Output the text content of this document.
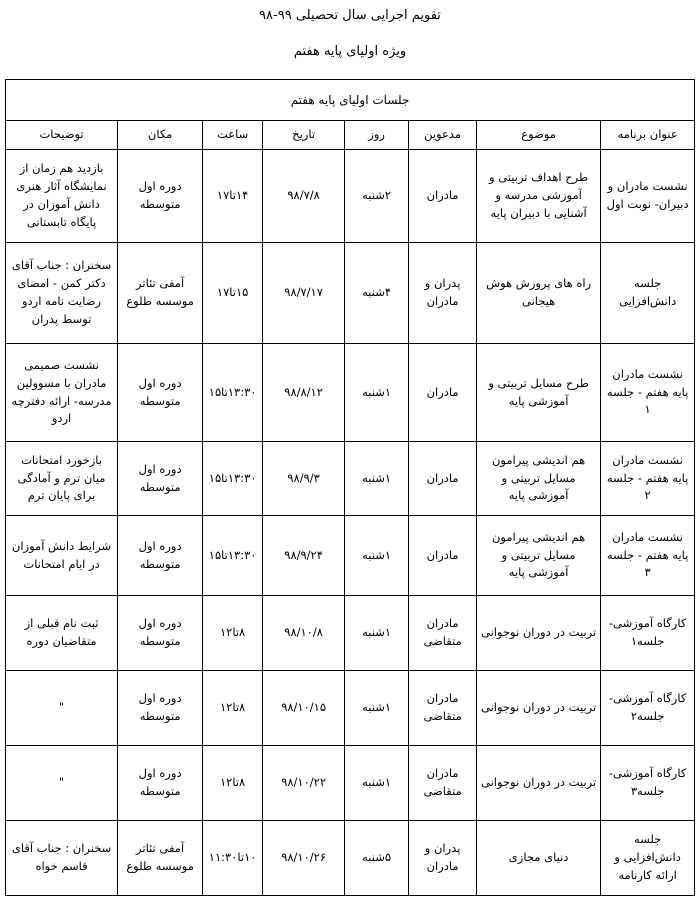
تقویم اجرایی سال تحصیلی ۹۹-۹۸
ویژه اولیای پایه هفتم
جلسات اولیای پایه هفتم							
عنوان برنامه	موضوع	مدعوین	روز	تاریخ	ساعت	مکان	توضیحات
نشست مادران و دبیران- نوبت اول	طرح اهداف تربیتی و آموزشی مدرسه و آشنایی با دبیران پایه	مادران	۲شنبه	۹۸/۷/۸	۱۴تا۱۷	دوره اول متوسطه	بازدید هم زمان از نمایشگاه آثار هنری دانش آموزان در پایگاه تابستانی
جلسه دانش‌افزایی	راه های پرورش هوش هیجانی	پدران و مادران	۴شنبه	۹۸/۷/۱۷	۱۵تا۱۷	آمفی تئاتر موسسه طلوع	سخنران : جناب آقای دکتر کمن - امضای رضایت نامه اردو توسط پدران
نشست مادران پایه هفتم - جلسه ۱	طرح مسایل تربیتی و آموزشی پایه	مادران	۱شنبه	۹۸/۸/۱۲	۱۳:۳۰تا۱۵	دوره اول متوسطه	نشست صمیمی مادران با مسوولین مدرسه- ارائه دفترچه اردو
نشست مادران پایه هفتم - جلسه ۲	هم اندیشی پیرامون مسایل تربیتی و آموزشی پایه	مادران	۱شنبه	۹۸/۹/۳	۱۳:۳۰تا۱۵	دوره اول متوسطه	بازخورد امتحانات میان ترم و آمادگی برای پایان ترم
نشست مادران پایه هفتم - جلسه ۳	هم اندیشی پیرامون مسایل تربیتی و آموزشی پایه	مادران	۱شنبه	۹۸/۹/۲۴	۱۳:۳۰تا۱۵	دوره اول متوسطه	شرایط دانش آموزان در ایام امتحانات
کارگاه آموزشی- جلسه۱	تربیت در دوران نوجوانی	مادران متقاضی	۱شنبه	۹۸/۱۰/۸	۸تا۱۲	دوره اول متوسطه	ثبت نام قبلی از متقاضیان دوره
کارگاه آموزشی- جلسه۲	تربیت در دوران نوجوانی	مادران متقاضی	۱شنبه	۹۸/۱۰/۱۵	۸تا۱۲	دوره اول متوسطه	"
کارگاه آموزشی- جلسه۳	تربیت در دوران نوجوانی	مادران متقاضی	۱شنبه	۹۸/۱۰/۲۲	۸تا۱۲	دوره اول متوسطه	"
جلسه دانش‌افزایی و ارائه کارنامه	دنیای مجازی	پدران و مادران	۵شنبه	۹۸/۱۰/۲۶	۱۰تا۱۱:۳۰	آمفی تئاتر موسسه طلوع	سخنران : جناب آقای قاسم خواه
